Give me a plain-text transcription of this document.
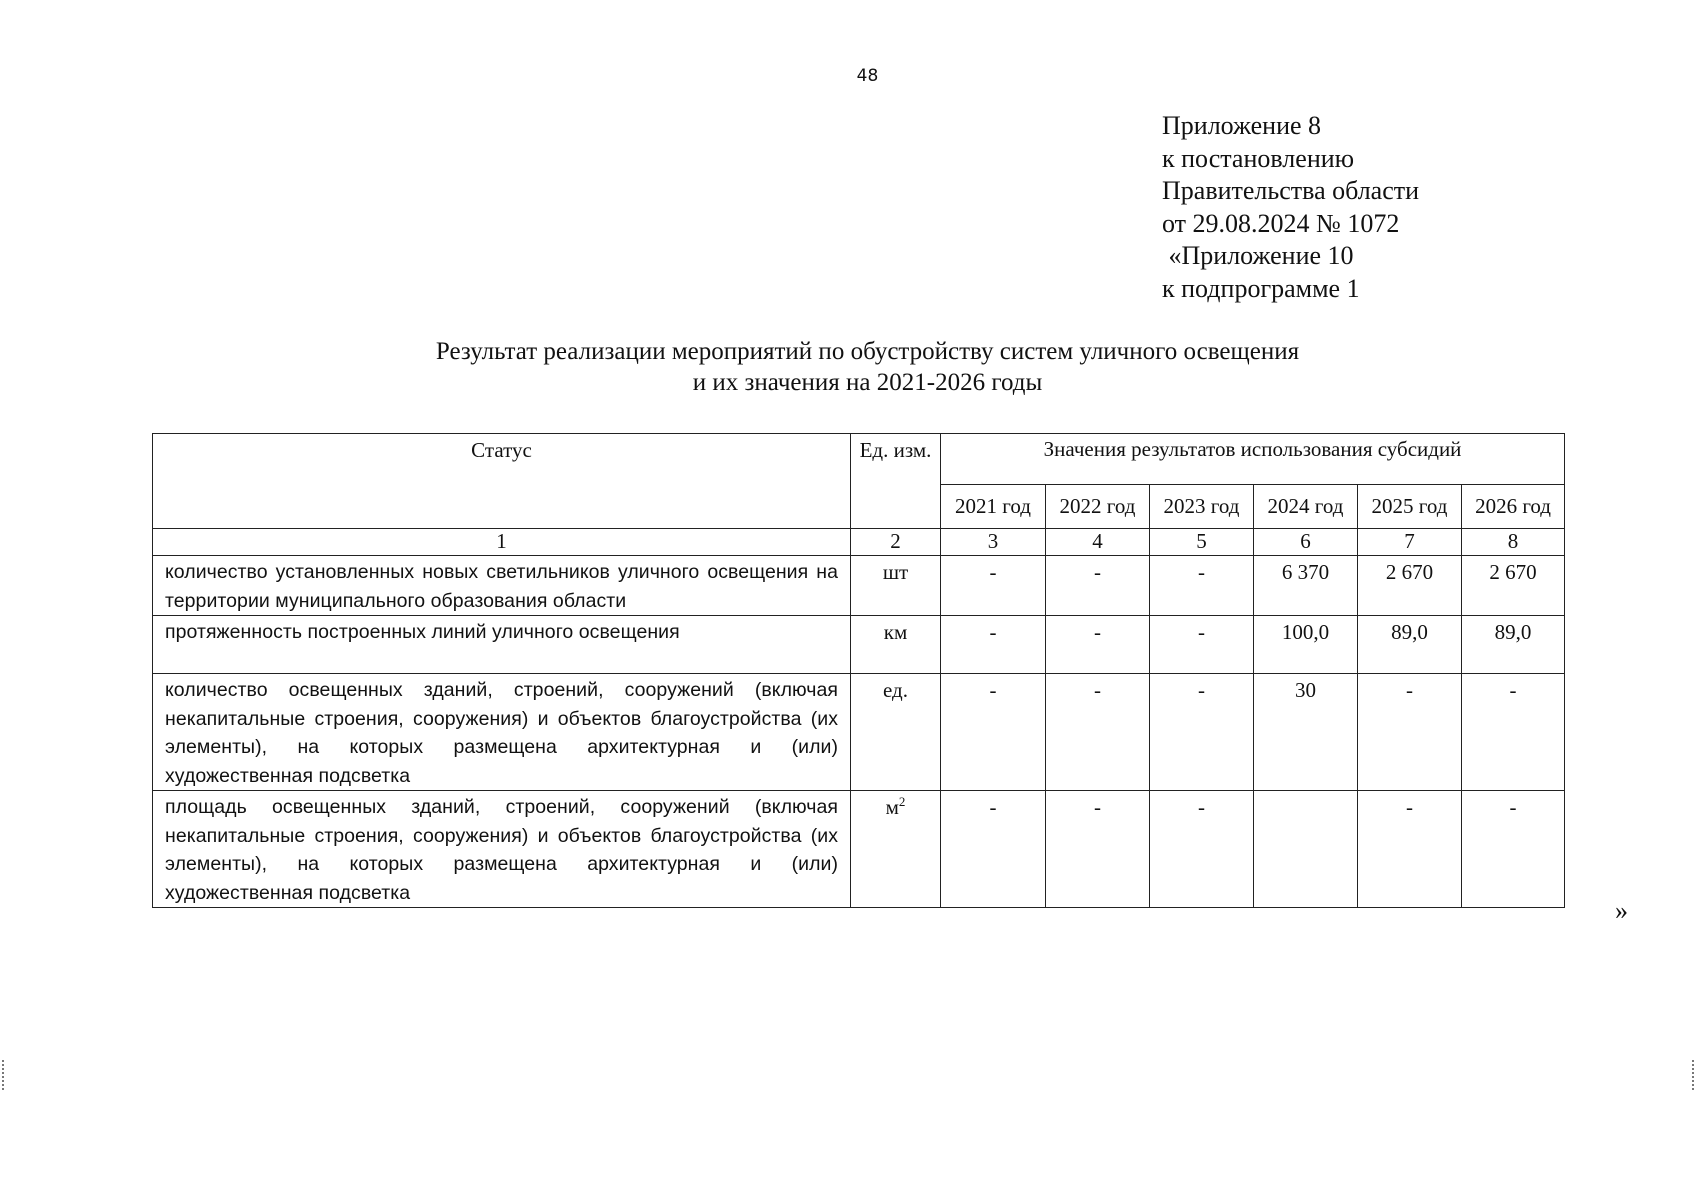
48
Приложение 8
к постановлению
Правительства области
от 29.08.2024 № 1072
«Приложение 10
к подпрограмме 1
Результат реализации мероприятий по обустройству систем уличного освещения
и их значения на 2021-2026 годы
Статус	Ед. изм.	Значения результатов использования субсидий					
		2021 год	2022 год	2023 год	2024 год	2025 год	2026 год
1	2	3	4	5	6	7	8
количество установленных новых светильников уличного освещения на территории муниципального образования области	шт	-	-	-	6 370	2 670	2 670
протяженность построенных линий уличного освещения	км	-	-	-	100,0	89,0	89,0
количество освещенных зданий, строений, сооружений (включая некапитальные строения, сооружения) и объектов благоустройства (их элементы), на которых размещена архитектурная и (или) художественная подсветка	ед.	-	-	-	30	-	-
площадь освещенных зданий, строений, сооружений (включая некапитальные строения, сооружения) и объектов благоустройства (их элементы), на которых размещена архитектурная и (или) художественная подсветка	$м^2$	-	-	-		-	-
»
